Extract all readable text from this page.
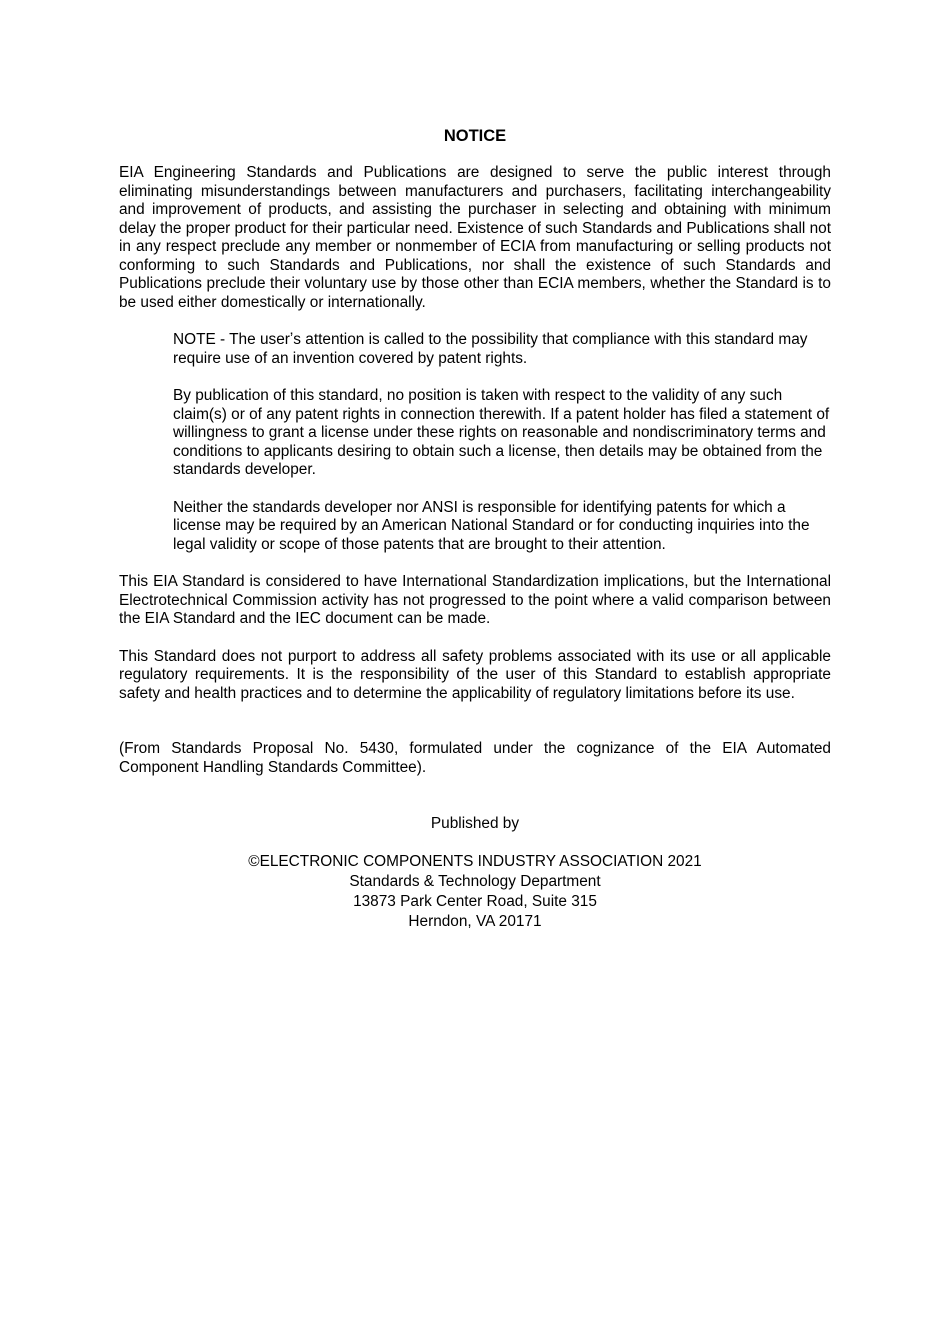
NOTICE

EIA Engineering Standards and Publications are designed to serve the public interest through eliminating misunderstandings between manufacturers and purchasers, facilitating interchangeability and improvement of products, and assisting the purchaser in selecting and obtaining with minimum delay the proper product for their particular need. Existence of such Standards and Publications shall not in any respect preclude any member or nonmember of ECIA from manufacturing or selling products not conforming to such Standards and Publications, nor shall the existence of such Standards and Publications preclude their voluntary use by those other than ECIA members, whether the Standard is to be used either domestically or internationally.

NOTE - The userʼs attention is called to the possibility that compliance with this standard may require use of an invention covered by patent rights.

By publication of this standard, no position is taken with respect to the validity of any such claim(s) or of any patent rights in connection therewith. If a patent holder has filed a statement of willingness to grant a license under these rights on reasonable and nondiscriminatory terms and conditions to applicants desiring to obtain such a license, then details may be obtained from the standards developer.

Neither the standards developer nor ANSI is responsible for identifying patents for which a license may be required by an American National Standard or for conducting inquiries into the legal validity or scope of those patents that are brought to their attention.

This EIA Standard is considered to have International Standardization implications, but the International Electrotechnical Commission activity has not progressed to the point where a valid comparison between the EIA Standard and the IEC document can be made.

This Standard does not purport to address all safety problems associated with its use or all applicable regulatory requirements. It is the responsibility of the user of this Standard to establish appropriate safety and health practices and to determine the applicability of regulatory limitations before its use.

(From Standards Proposal No. 5430, formulated under the cognizance of the EIA Automated Component Handling Standards Committee).

Published by

©ELECTRONIC COMPONENTS INDUSTRY ASSOCIATION 2021
Standards & Technology Department
13873 Park Center Road, Suite 315
Herndon, VA 20171
